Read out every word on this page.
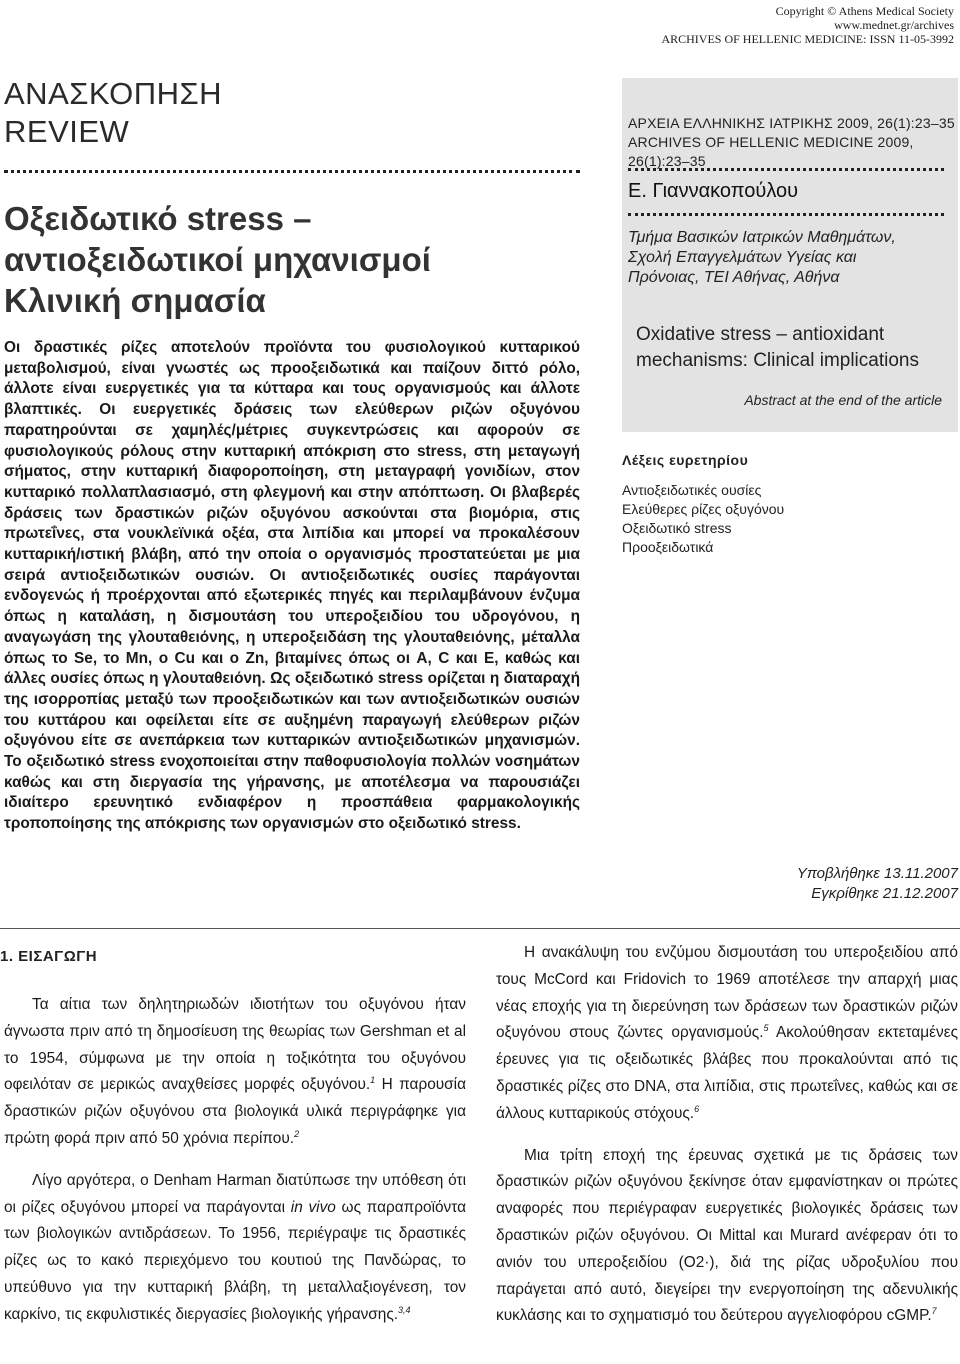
Copyright © Athens Medical Society
www.mednet.gr/archives
ARCHIVES OF HELLENIC MEDICINE: ISSN 11-05-3992
ΑΝΑΣΚΟΠΗΣΗ
REVIEW
Οξειδωτικό stress –
αντιοξειδωτικοί μηχανισμοί
Κλινική σημασία
Οι δραστικές ρίζες αποτελούν προϊόντα του φυσιολογικού κυτταρικού μεταβολισμού, είναι γνωστές ως προοξειδωτικά και παίζουν διττό ρόλο, άλλοτε είναι ευεργετικές για τα κύτταρα και τους οργανισμούς και άλλοτε βλαπτικές. Οι ευεργετικές δράσεις των ελεύθερων ριζών οξυγόνου παρατηρούνται σε χαμηλές/μέτριες συγκεντρώσεις και αφορούν σε φυσιολογικούς ρόλους στην κυτταρική απόκριση στο stress, στη μεταγωγή σήματος, στην κυτταρική διαφοροποίηση, στη μεταγραφή γονιδίων, στον κυτταρικό πολλαπλασιασμό, στη φλεγμονή και στην απόπτωση. Οι βλαβερές δράσεις των δραστικών ριζών οξυγόνου ασκούνται στα βιομόρια, στις πρωτεΐνες, στα νουκλεϊνικά οξέα, στα λιπίδια και μπορεί να προκαλέσουν κυτταρική/ιστική βλάβη, από την οποία ο οργανισμός προστατεύεται με μια σειρά αντιοξειδωτικών ουσιών. Οι αντιοξειδωτικές ουσίες παράγονται ενδογενώς ή προέρχονται από εξωτερικές πηγές και περιλαμβάνουν ένζυμα όπως η καταλάση, η δισμουτάση του υπεροξειδίου του υδρογόνου, η αναγωγάση της γλουταθειόνης, η υπεροξειδάση της γλουταθειόνης, μέταλλα όπως το Se, το Mn, ο Cu και ο Zn, βιταμίνες όπως οι A, C και E, καθώς και άλλες ουσίες όπως η γλουταθειόνη. Ως οξειδωτικό stress ορίζεται η διαταραχή της ισορροπίας μεταξύ των προοξειδωτικών και των αντιοξειδωτικών ουσιών του κυττάρου και οφείλεται είτε σε αυξημένη παραγωγή ελεύθερων ριζών οξυγόνου είτε σε ανεπάρκεια των κυτταρικών αντιοξειδωτικών μηχανισμών. Το οξειδωτικό stress ενοχοποιείται στην παθοφυσιολογία πολλών νοσημάτων καθώς και στη διεργασία της γήρανσης, με αποτέλεσμα να παρουσιάζει ιδιαίτερο ερευνητικό ενδιαφέρον η προσπάθεια φαρμακολογικής τροποποίησης της απόκρισης των οργανισμών στο οξειδωτικό stress.
ΑΡΧΕΙΑ ΕΛΛΗΝΙΚΗΣ ΙΑΤΡΙΚΗΣ 2009, 26(1):23–35
ARCHIVES OF HELLENIC MEDICINE 2009, 26(1):23–35
Ε. Γιαννακοπούλου
Τμήμα Βασικών Ιατρικών Μαθημάτων,
Σχολή Επαγγελμάτων Υγείας και
Πρόνοιας, ΤΕΙ Αθήνας, Αθήνα
Oxidative stress – antioxidant
mechanisms: Clinical implications
Abstract at the end of the article
Λέξεις ευρετηρίου
Αντιοξειδωτικές ουσίες
Ελεύθερες ρίζες οξυγόνου
Οξειδωτικό stress
Προοξειδωτικά
Υποβλήθηκε 13.11.2007
Εγκρίθηκε 21.12.2007
1. ΕΙΣΑΓΩΓΗ

Τα αίτια των δηλητηριωδών ιδιοτήτων του οξυγόνου ήταν άγνωστα πριν από τη δημοσίευση της θεωρίας των Gershman et al το 1954, σύμφωνα με την οποία η τοξικότητα του οξυγόνου οφειλόταν σε μερικώς αναχθείσες μορφές οξυγόνου.$^1$ Η παρουσία δραστικών ριζών οξυγόνου στα βιολογικά υλικά περιγράφηκε για πρώτη φορά πριν από 50 χρόνια περίπου.$^2$

Λίγο αργότερα, ο Denham Harman διατύπωσε την υπόθεση ότι οι ρίζες οξυγόνου μπορεί να παράγονται in vivo ως παραπροϊόντα των βιολογικών αντιδράσεων. Το 1956, περιέγραψε τις δραστικές ρίζες ως το κακό περιεχόμενο του κουτιού της Πανδώρας, το υπεύθυνο για την κυτταρική βλάβη, τη μεταλλαξιογένεση, τον καρκίνο, τις εκφυλιστικές διεργασίες βιολογικής γήρανσης.$^{3,4}$

Η ανακάλυψη του ενζύμου δισμουτάση του υπεροξειδίου από τους McCord και Fridovich το 1969 αποτέλεσε την απαρχή μιας νέας εποχής για τη διερεύνηση των δράσεων των δραστικών ριζών οξυγόνου στους ζώντες οργανισμούς.$^5$ Ακολούθησαν εκτεταμένες έρευνες για τις οξειδωτικές βλάβες που προκαλούνται από τις δραστικές ρίζες στο DNA, στα λιπίδια, στις πρωτεΐνες, καθώς και σε άλλους κυτταρικούς στόχους.$^6$

Μια τρίτη εποχή της έρευνας σχετικά με τις δράσεις των δραστικών ριζών οξυγόνου ξεκίνησε όταν εμφανίστηκαν οι πρώτες αναφορές που περιέγραφαν ευεργετικές βιολογικές δράσεις των δραστικών ριζών οξυγόνου. Οι Mittal και Murard ανέφεραν ότι το ανιόν του υπεροξειδίου (O2·), διά της ρίζας υδροξυλίου που παράγεται από αυτό, διεγείρει την ενεργοποίηση της αδενυλικής κυκλάσης και το σχηματισμό του δεύτερου αγγελιοφόρου cGMP.$^7$
